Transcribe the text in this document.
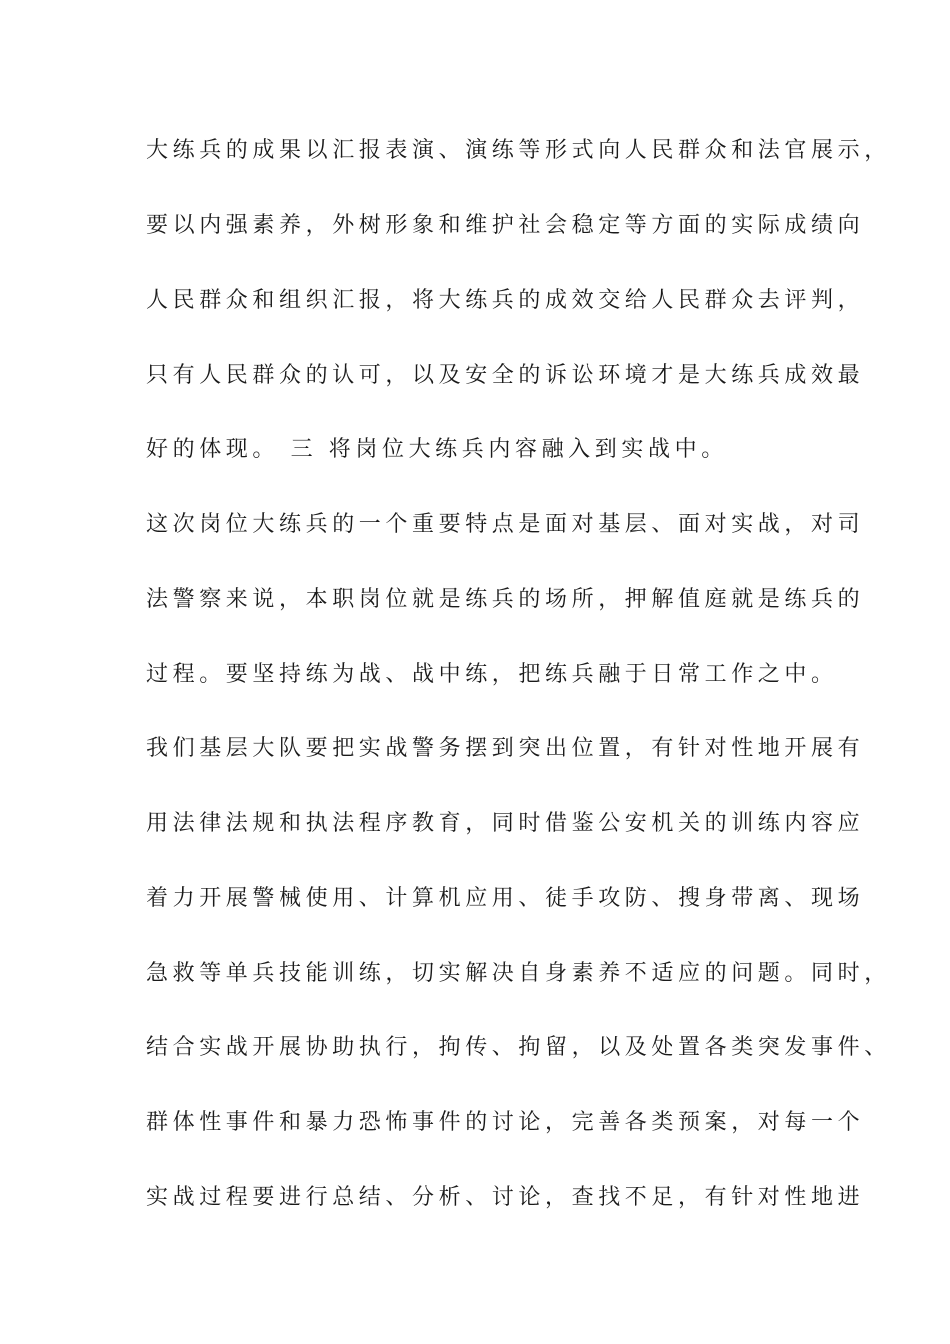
大练兵的成果以汇报表演、演练等形式向人民群众和法官展示，
要以内强素养，外树形象和维护社会稳定等方面的实际成绩向
人民群众和组织汇报，将大练兵的成效交给人民群众去评判，
只有人民群众的认可，以及安全的诉讼环境才是大练兵成效最
好的体现。 三 将岗位大练兵内容融入到实战中。
这次岗位大练兵的一个重要特点是面对基层、面对实战，对司
法警察来说，本职岗位就是练兵的场所，押解值庭就是练兵的
过程。要坚持练为战、战中练，把练兵融于日常工作之中。
我们基层大队要把实战警务摆到突出位置，有针对性地开展有
用法律法规和执法程序教育，同时借鉴公安机关的训练内容应
着力开展警械使用、计算机应用、徒手攻防、搜身带离、现场
急救等单兵技能训练，切实解决自身素养不适应的问题。同时，
结合实战开展协助执行，拘传、拘留，以及处置各类突发事件、
群体性事件和暴力恐怖事件的讨论，完善各类预案，对每一个
实战过程要进行总结、分析、讨论，查找不足，有针对性地进
